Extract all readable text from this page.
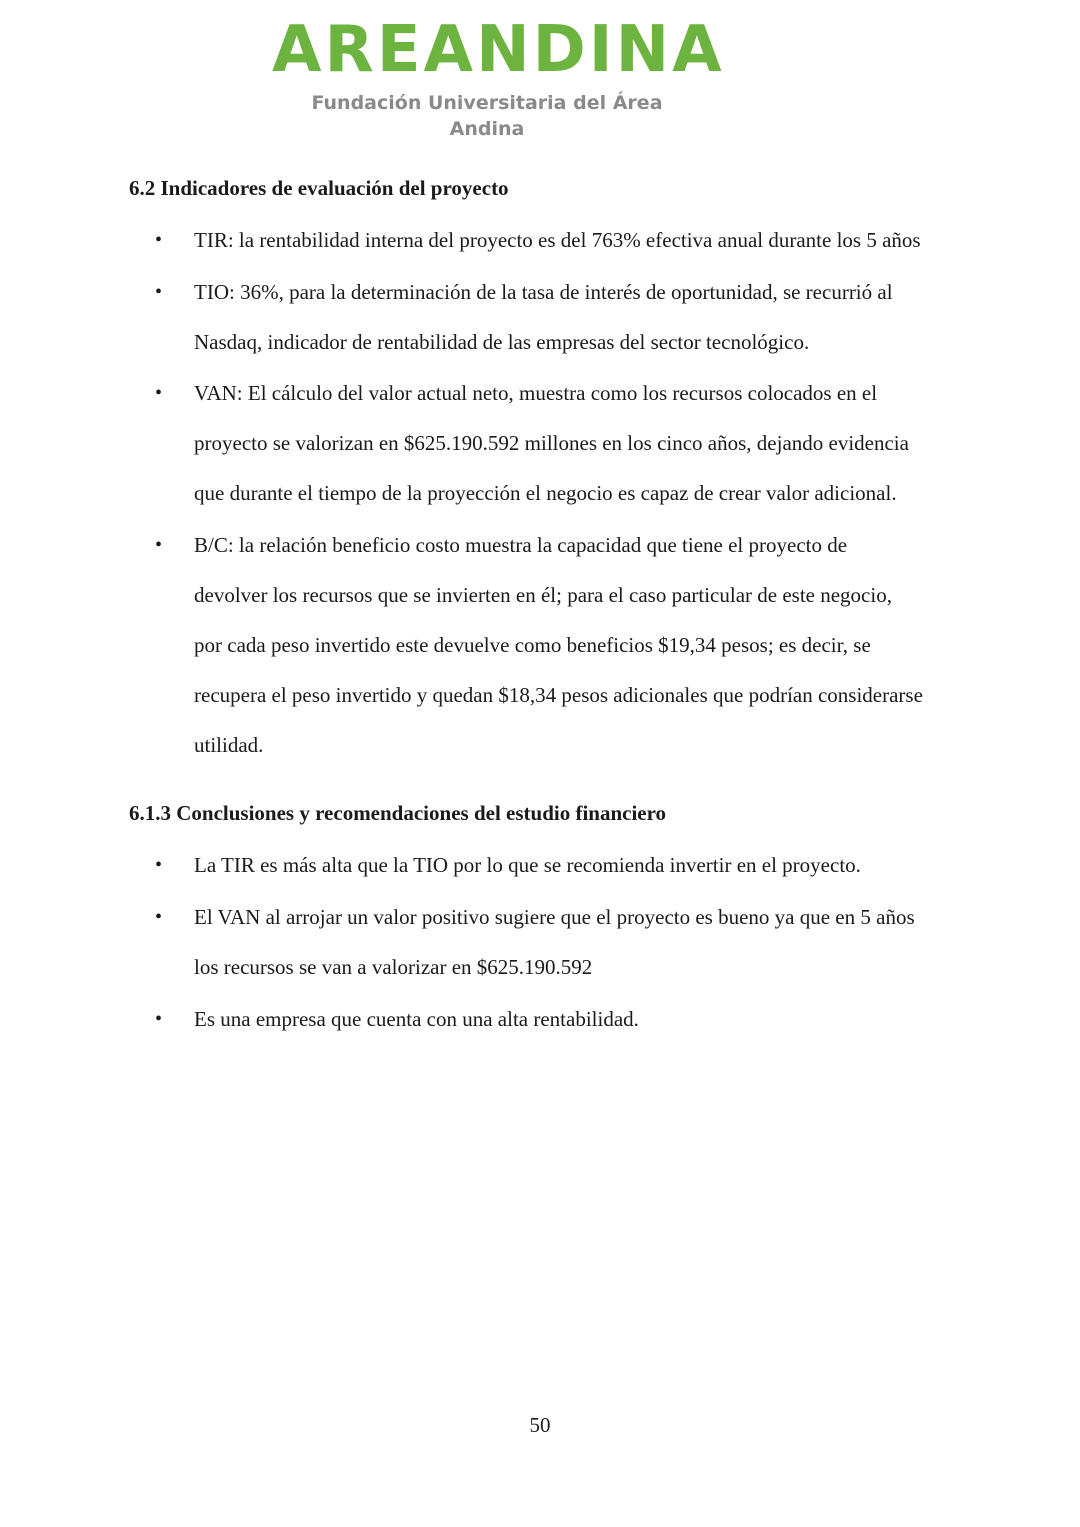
AREANDINA
Fundación Universitaria del Área Andina
6.2 Indicadores de evaluación del proyecto
• TIR: la rentabilidad interna del proyecto es del 763% efectiva anual durante los 5 años
• TIO: 36%, para la determinación de la tasa de interés de oportunidad, se recurrió al
Nasdaq, indicador de rentabilidad de las empresas del sector tecnológico.
• VAN: El cálculo del valor actual neto, muestra como los recursos colocados en el
proyecto se valorizan en $625.190.592 millones en los cinco años, dejando evidencia
que durante el tiempo de la proyección el negocio es capaz de crear valor adicional.
• B/C: la relación beneficio costo muestra la capacidad que tiene el proyecto de
devolver los recursos que se invierten en él; para el caso particular de este negocio,
por cada peso invertido este devuelve como beneficios $19,34 pesos; es decir, se
recupera el peso invertido y quedan $18,34 pesos adicionales que podrían considerarse
utilidad.
6.1.3 Conclusiones y recomendaciones del estudio financiero
• La TIR es más alta que la TIO por lo que se recomienda invertir en el proyecto.
• El VAN al arrojar un valor positivo sugiere que el proyecto es bueno ya que en 5 años
los recursos se van a valorizar en $625.190.592
• Es una empresa que cuenta con una alta rentabilidad.
50
